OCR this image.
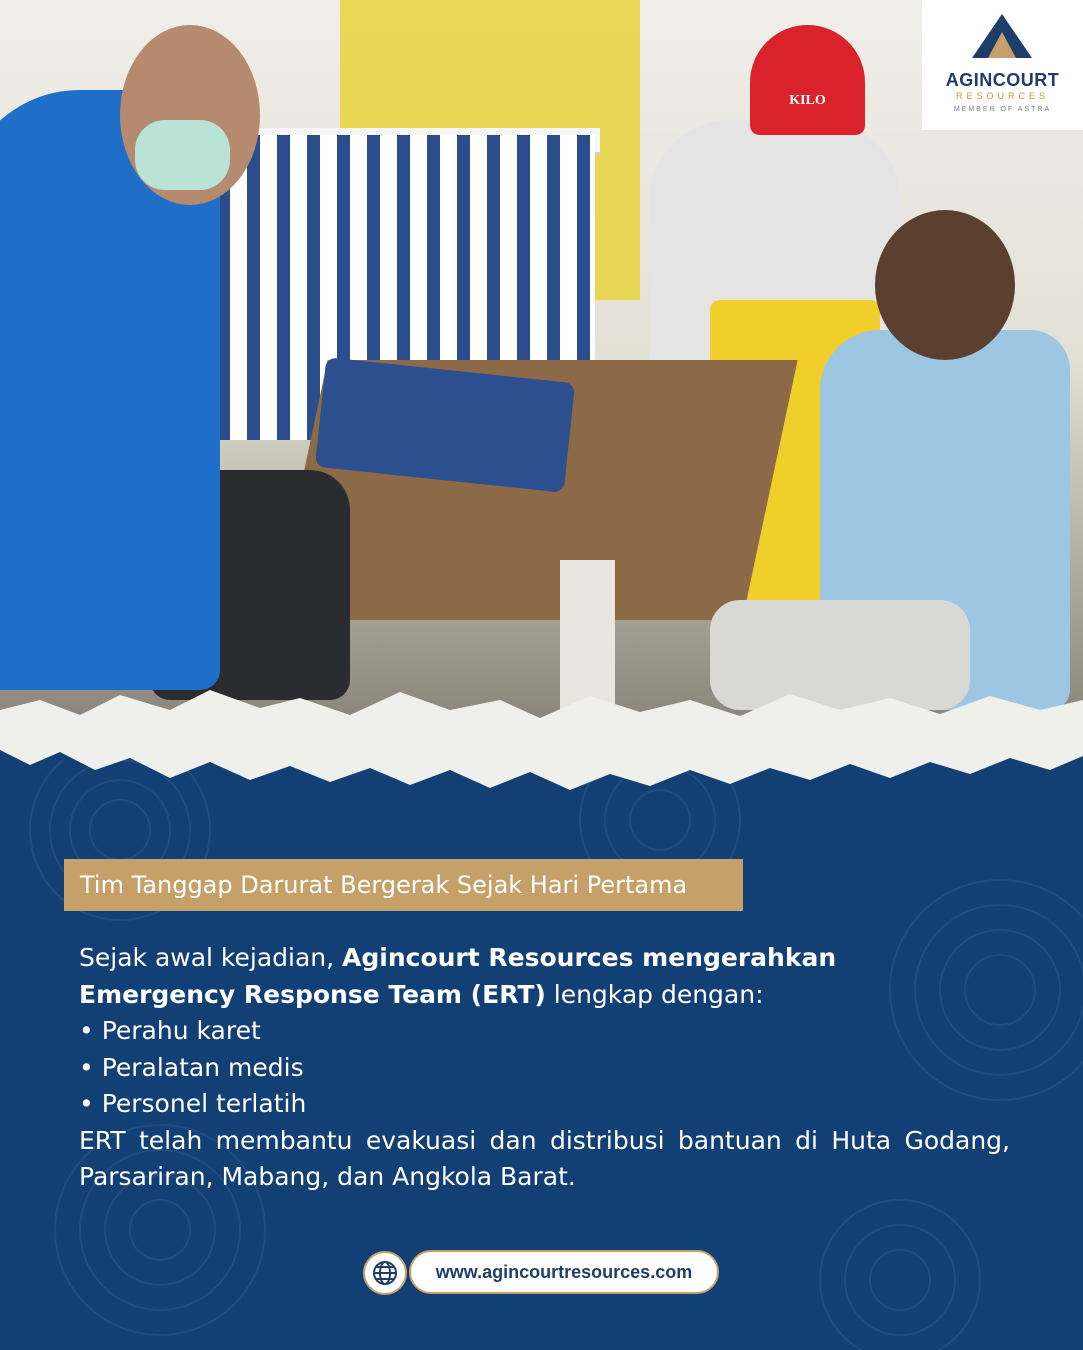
KILO
AGINCOURT
RESOURCES
MEMBER OF ASTRA
Tim Tanggap Darurat Bergerak Sejak Hari Pertama
Sejak awal kejadian, Agincourt Resources mengerahkan
Emergency Response Team (ERT) lengkap dengan:
• Perahu karet
• Peralatan medis
• Personel terlatih
ERT telah membantu evakuasi dan distribusi bantuan di Huta Godang,
Parsariran, Mabang, dan Angkola Barat.
www.agincourtresources.com
